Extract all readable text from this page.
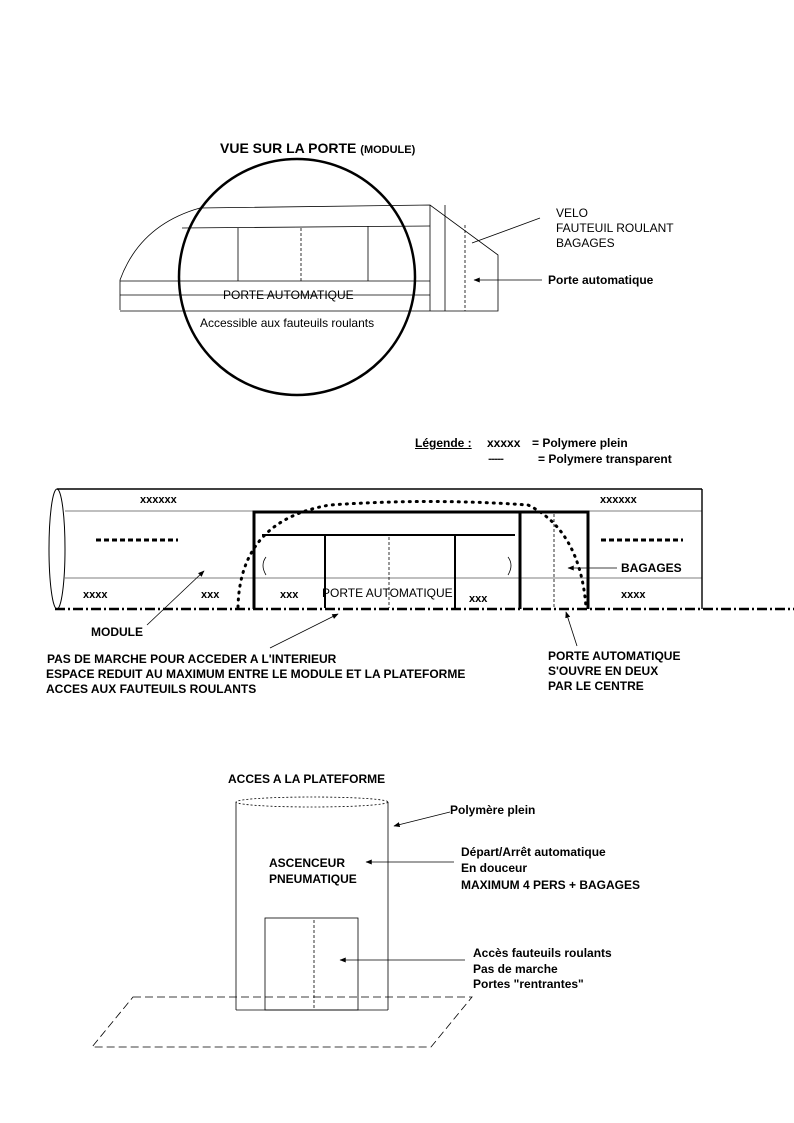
VUE SUR LA PORTE (MODULE)
PORTE AUTOMATIQUE
Accessible aux fauteuils roulants
VELO
FAUTEUIL ROULANT
BAGAGES
Porte automatique
Légende : xxxxx = Polymere plein
..........	= Polymere transparent
xxxxxx	xxxxxx
xxxx	xxx	xxx	xxx	xxxx
PORTE AUTOMATIQUE
BAGAGES
MODULE
PAS DE MARCHE POUR ACCEDER A L'INTERIEUR
ESPACE REDUIT AU MAXIMUM ENTRE LE MODULE ET LA PLATEFORME
ACCES AUX FAUTEUILS ROULANTS
PORTE AUTOMATIQUE
S'OUVRE EN DEUX
PAR LE CENTRE
ACCES A LA PLATEFORME
ASCENCEUR
PNEUMATIQUE
Polymère plein
Départ/Arrêt automatique
En douceur
MAXIMUM 4 PERS + BAGAGES
Accès fauteuils roulants
Pas de marche
Portes "rentrantes"
